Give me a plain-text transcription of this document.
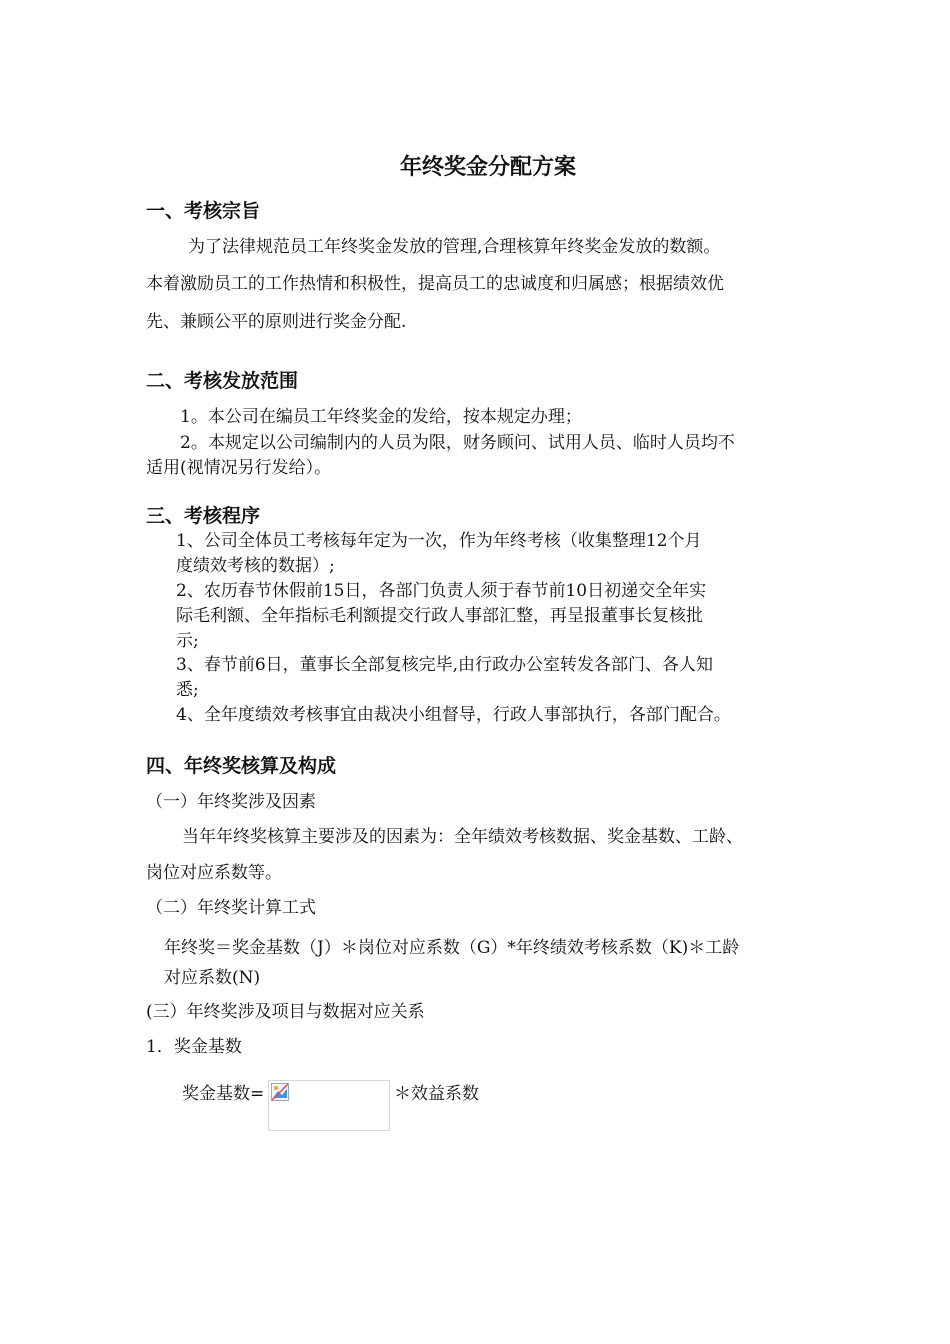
年终奖金分配方案
一、考核宗旨
为了法律规范员工年终奖金发放的管理,合理核算年终奖金发放的数额。
本着激励员工的工作热情和积极性，提高员工的忠诚度和归属感；根据绩效优
先、兼顾公平的原则进行奖金分配.
二、考核发放范围
1。本公司在编员工年终奖金的发给，按本规定办理；
2。本规定以公司编制内的人员为限，财务顾问、试用人员、临时人员均不
适用(视情况另行发给）。
三、考核程序
1、公司全体员工考核每年定为一次，作为年终考核（收集整理12个月
度绩效考核的数据）;
2、农历春节休假前15日，各部门负责人须于春节前10日初递交全年实
际毛利额、全年指标毛利额提交行政人事部汇整，再呈报董事长复核批
示;
3、春节前6日，董事长全部复核完毕,由行政办公室转发各部门、各人知
悉;
4、全年度绩效考核事宜由裁决小组督导，行政人事部执行，各部门配合。
四、年终奖核算及构成
（一）年终奖涉及因素
当年年终奖核算主要涉及的因素为：全年绩效考核数据、奖金基数、工龄、
岗位对应系数等。
（二）年终奖计算工式
年终奖＝奖金基数（J）＊岗位对应系数（G）*年终绩效考核系数（K)＊工龄
对应系数(N)
(三）年终奖涉及项目与数据对应关系
1．奖金基数
奖金基数=	＊效益系数
